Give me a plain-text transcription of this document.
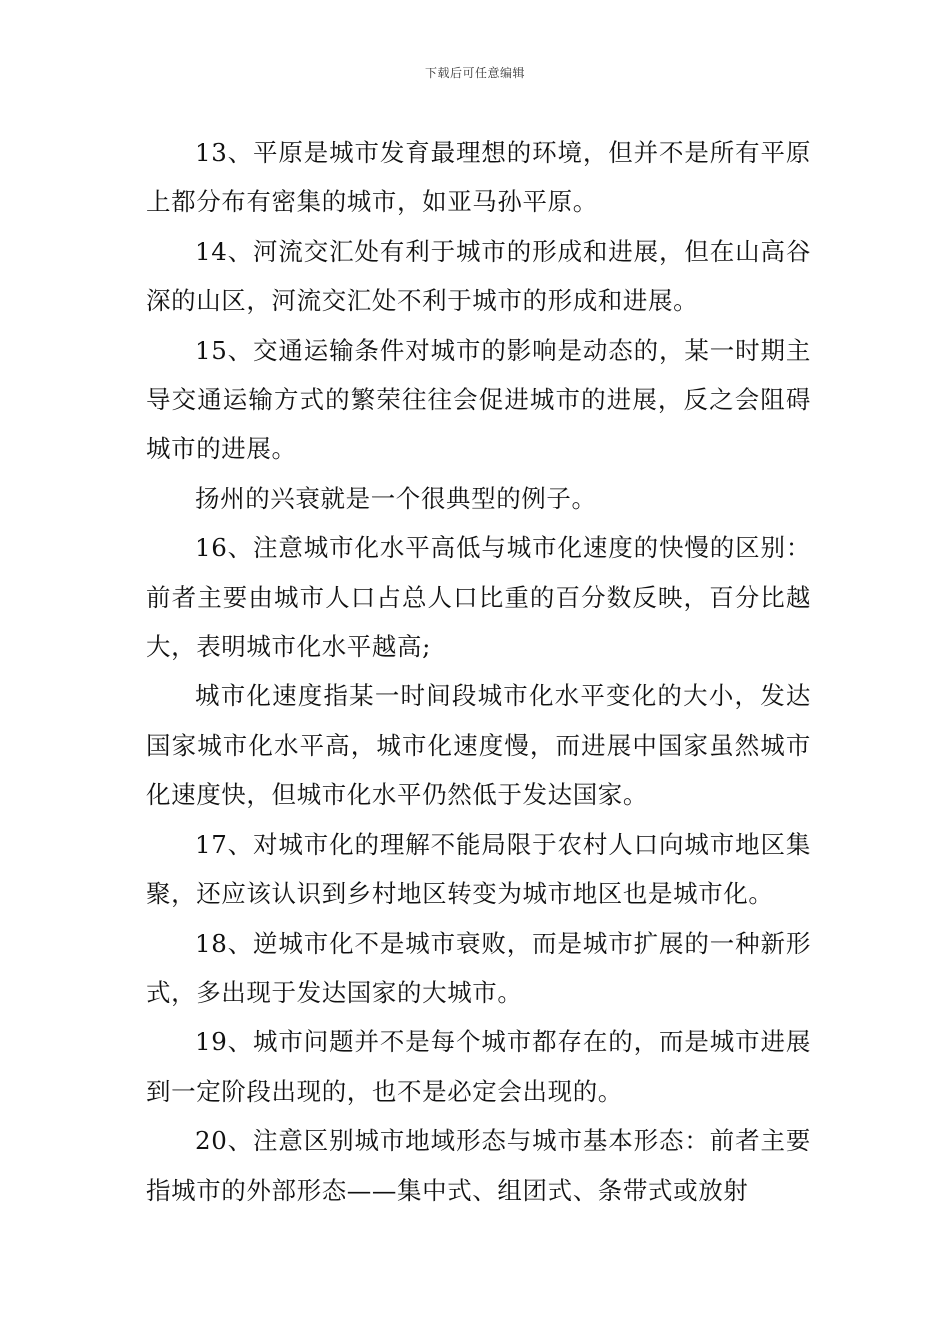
下载后可任意编辑

13、平原是城市发育最理想的环境，但并不是所有平原上都分布有密集的城市，如亚马孙平原。

14、河流交汇处有利于城市的形成和进展，但在山高谷深的山区，河流交汇处不利于城市的形成和进展。

15、交通运输条件对城市的影响是动态的，某一时期主导交通运输方式的繁荣往往会促进城市的进展，反之会阻碍城市的进展。

扬州的兴衰就是一个很典型的例子。

16、注意城市化水平高低与城市化速度的快慢的区别：前者主要由城市人口占总人口比重的百分数反映，百分比越大，表明城市化水平越高;

城市化速度指某一时间段城市化水平变化的大小，发达国家城市化水平高，城市化速度慢，而进展中国家虽然城市化速度快，但城市化水平仍然低于发达国家。

17、对城市化的理解不能局限于农村人口向城市地区集聚，还应该认识到乡村地区转变为城市地区也是城市化。

18、逆城市化不是城市衰败，而是城市扩展的一种新形式，多出现于发达国家的大城市。

19、城市问题并不是每个城市都存在的，而是城市进展到一定阶段出现的，也不是必定会出现的。

20、注意区别城市地域形态与城市基本形态：前者主要指城市的外部形态——集中式、组团式、条带式或放射
